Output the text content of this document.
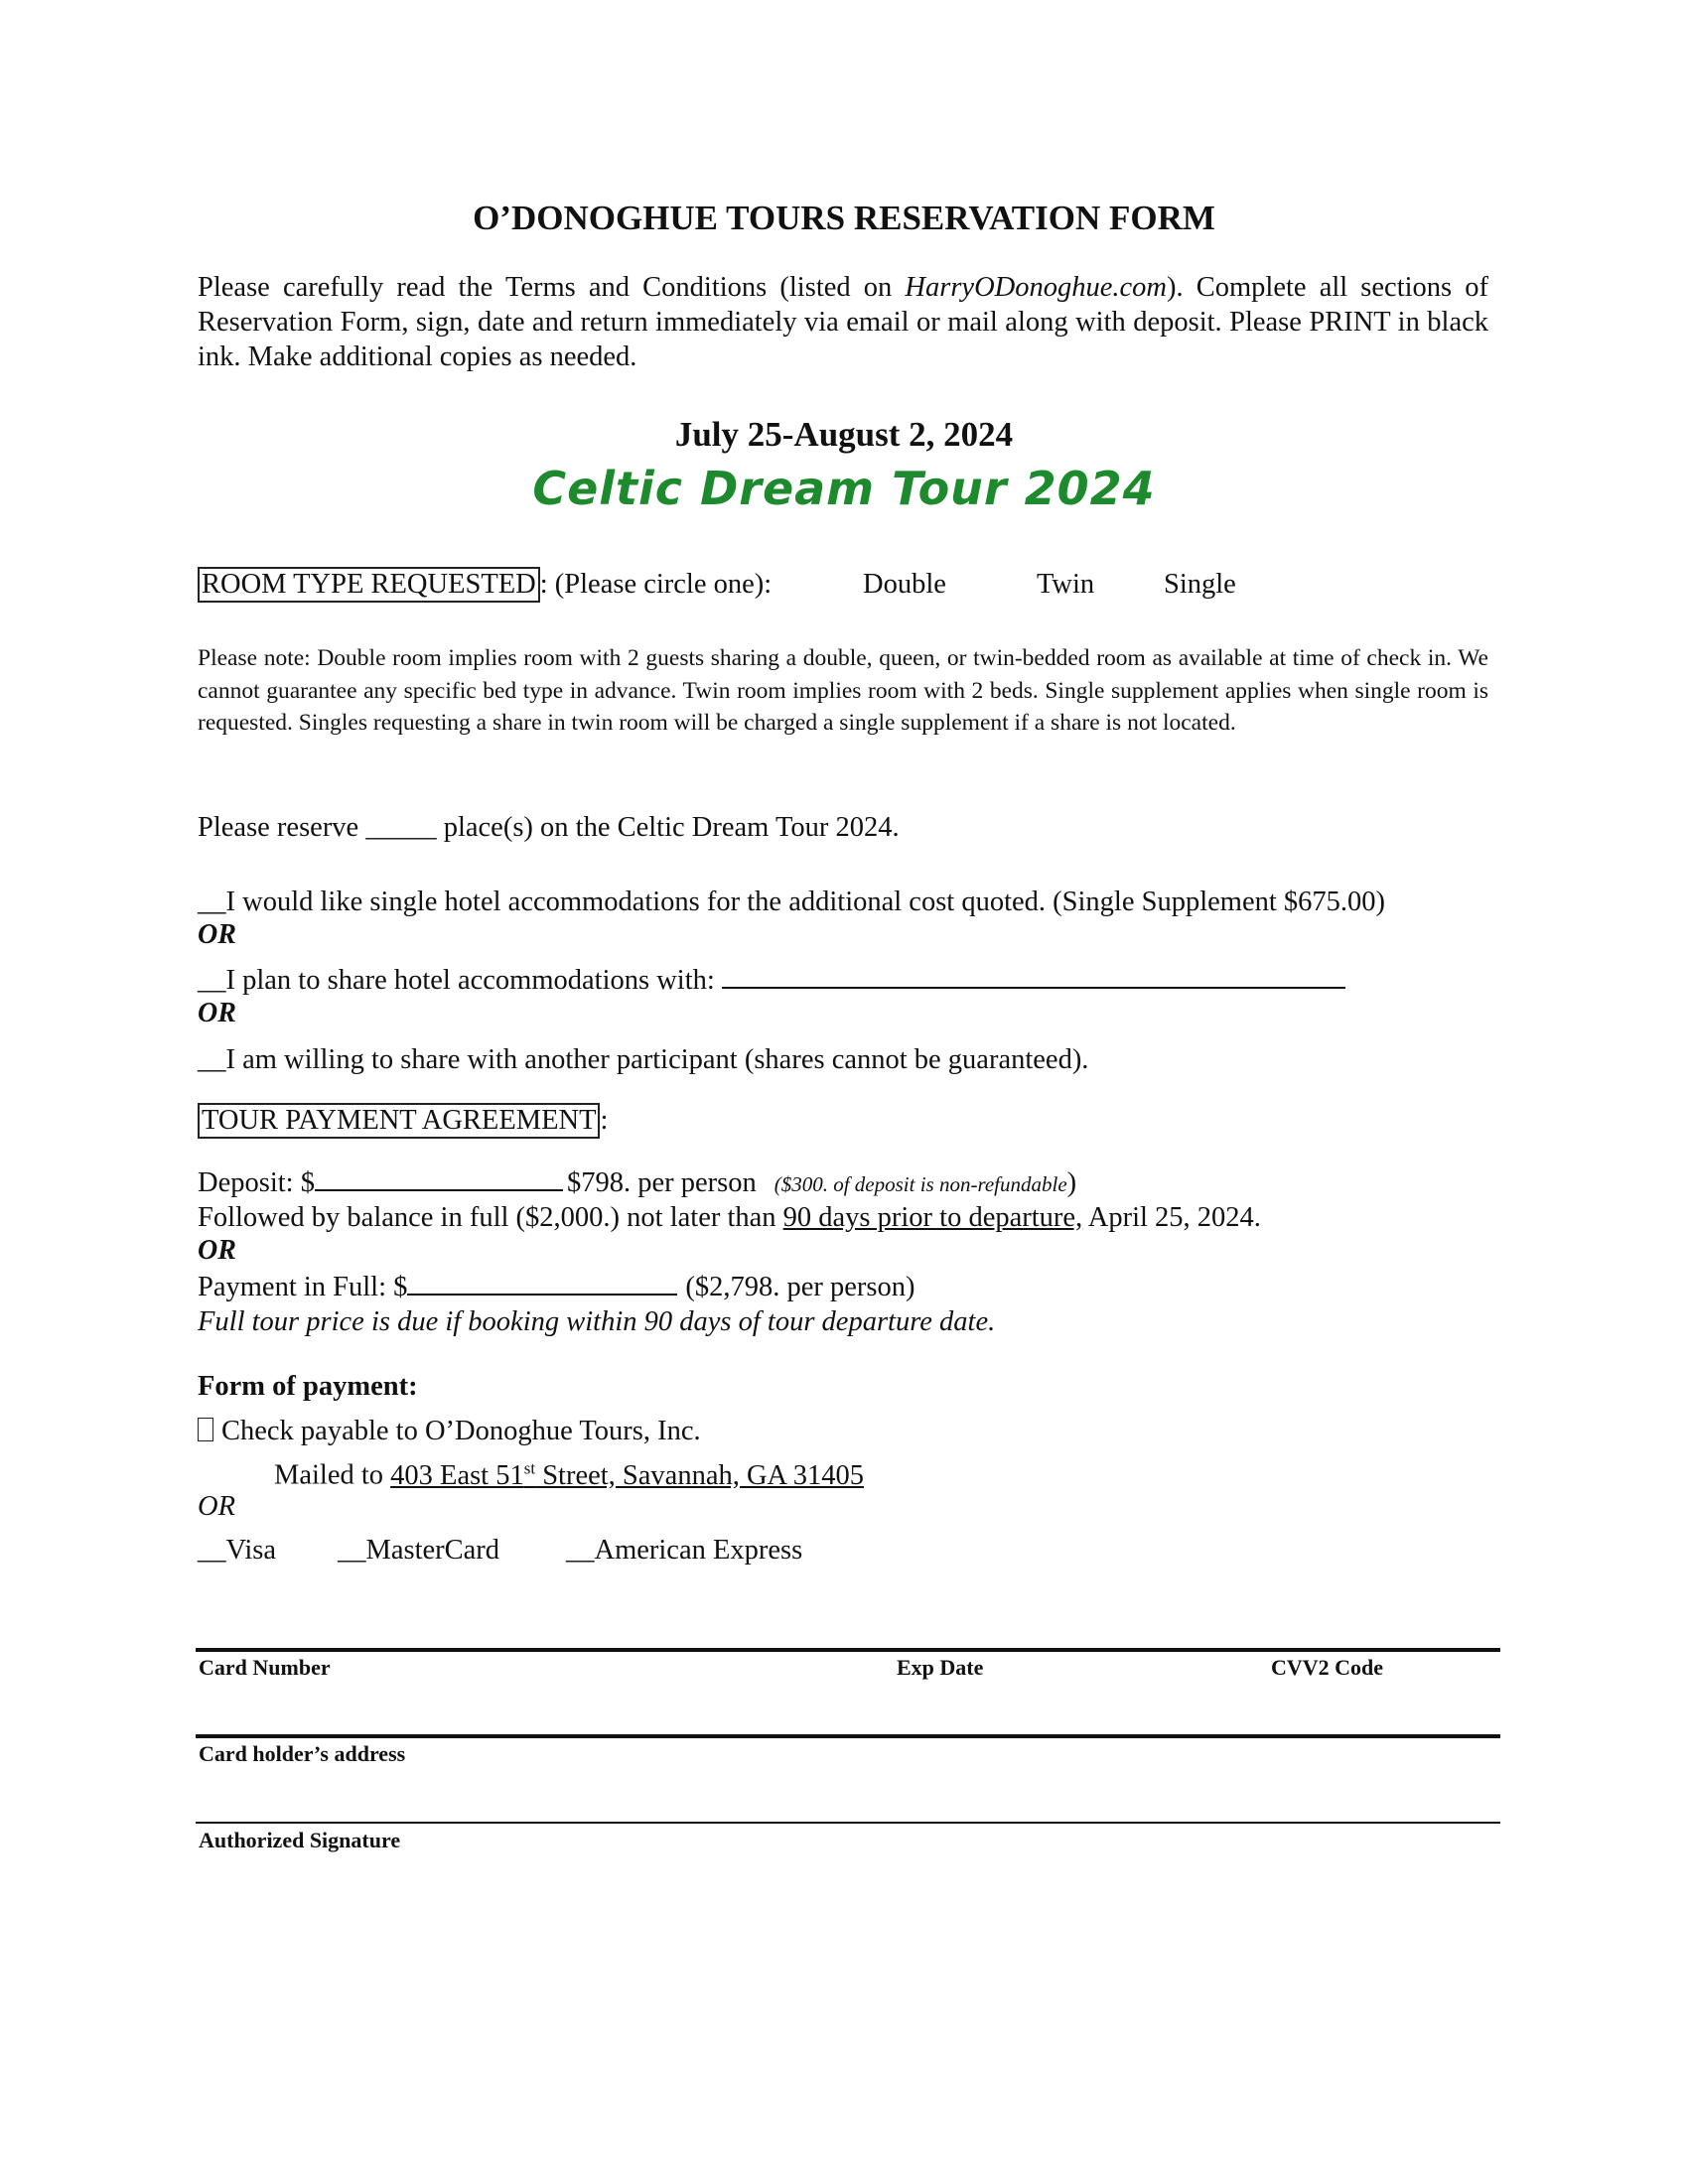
O’DONOGHUE TOURS RESERVATION FORM
Please carefully read the Terms and Conditions (listed on HarryODonoghue.com). Complete all sections of Reservation Form, sign, date and return immediately via email or mail along with deposit. Please PRINT in black ink. Make additional copies as needed.
July 25-August 2, 2024
Celtic Dream Tour 2024
ROOM TYPE REQUESTED : (Please circle one):	Double	Twin Single
Please note: Double room implies room with 2 guests sharing a double, queen, or twin-bedded room as available at time of check in. We cannot guarantee any specific bed type in advance. Twin room implies room with 2 beds. Single supplement applies when single room is requested. Singles requesting a share in twin room will be charged a single supplement if a share is not located.
Please reserve _____ place(s) on the Celtic Dream Tour 2024.
__I would like single hotel accommodations for the additional cost quoted. (Single Supplement $675.00)
OR
__I plan to share hotel accommodations with:
OR
__I am willing to share with another participant (shares cannot be guaranteed).
TOUR PAYMENT AGREEMENT :
Deposit: $	$798. per person ($300. of deposit is non-refundable)
Followed by balance in full ($2,000.) not later than 90 days prior to departure, April 25, 2024.
OR
Payment in Full: $	($2,798. per person)
Full tour price is due if booking within 90 days of tour departure date.
Form of payment:
Check payable to O’Donoghue Tours, Inc.
Mailed to 403 East 51st Street, Savannah, GA 31405
OR
__Visa __MasterCard __American Express
Card Number	Exp Date	CVV2 Code
Card holder’s address
Authorized Signature
